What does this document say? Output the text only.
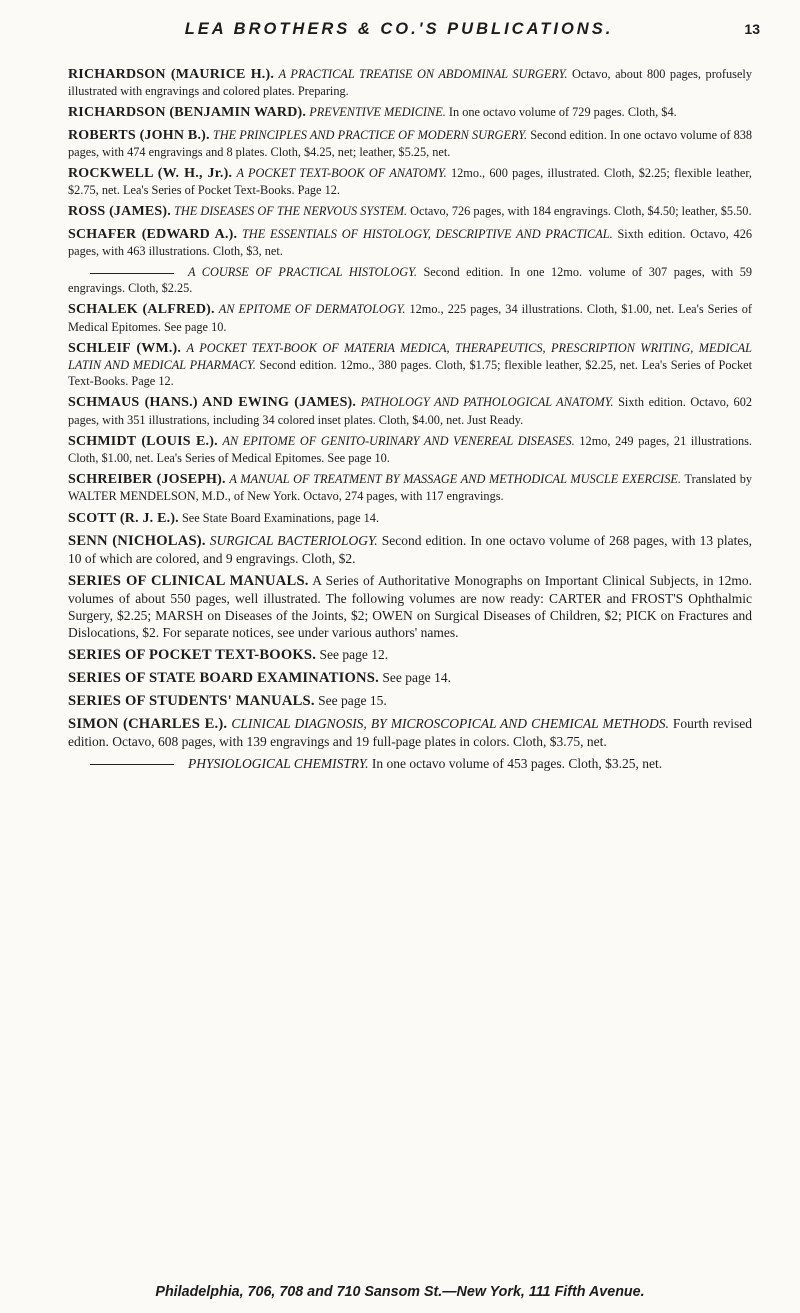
LEA BROTHERS & CO.'S PUBLICATIONS.	13

RICHARDSON (MAURICE H.). A PRACTICAL TREATISE ON ABDOMINAL SURGERY. Octavo, about 800 pages, profusely illustrated with engravings and colored plates. Preparing.

RICHARDSON (BENJAMIN WARD). PREVENTIVE MEDICINE. In one octavo volume of 729 pages. Cloth, $4.

ROBERTS (JOHN B.). THE PRINCIPLES AND PRACTICE OF MODERN SURGERY. Second edition. In one octavo volume of 838 pages, with 474 engravings and 8 plates. Cloth, $4.25, net; leather, $5.25, net.

ROCKWELL (W. H., Jr.). A POCKET TEXT-BOOK OF ANATOMY. 12mo., 600 pages, illustrated. Cloth, $2.25; flexible leather, $2.75, net. Lea's Series of Pocket Text-Books. Page 12.

ROSS (JAMES). THE DISEASES OF THE NERVOUS SYSTEM. Octavo, 726 pages, with 184 engravings. Cloth, $4.50; leather, $5.50.

SCHAFER (EDWARD A.). THE ESSENTIALS OF HISTOLOGY, DESCRIPTIVE AND PRACTICAL. Sixth edition. Octavo, 426 pages, with 463 illustrations. Cloth, $3, net.

A COURSE OF PRACTICAL HISTOLOGY. Second edition. In one 12mo. volume of 307 pages, with 59 engravings. Cloth, $2.25.

SCHALEK (ALFRED). AN EPITOME OF DERMATOLOGY. 12mo., 225 pages, 34 illustrations. Cloth, $1.00, net. Lea's Series of Medical Epitomes. See page 10.

SCHLEIF (WM.). A POCKET TEXT-BOOK OF MATERIA MEDICA, THERAPEUTICS, PRESCRIPTION WRITING, MEDICAL LATIN AND MEDICAL PHARMACY. Second edition. 12mo., 380 pages. Cloth, $1.75; flexible leather, $2.25, net. Lea's Series of Pocket Text-Books. Page 12.

SCHMAUS (HANS.) AND EWING (JAMES). PATHOLOGY AND PATHOLOGICAL ANATOMY. Sixth edition. Octavo, 602 pages, with 351 illustrations, including 34 colored inset plates. Cloth, $4.00, net. Just Ready.

SCHMIDT (LOUIS E.). AN EPITOME OF GENITO-URINARY AND VENEREAL DISEASES. 12mo, 249 pages, 21 illustrations. Cloth, $1.00, net. Lea's Series of Medical Epitomes. See page 10.

SCHREIBER (JOSEPH). A MANUAL OF TREATMENT BY MASSAGE AND METHODICAL MUSCLE EXERCISE. Translated by WALTER MENDELSON, M.D., of New York. Octavo, 274 pages, with 117 engravings.

SCOTT (R. J. E.). See State Board Examinations, page 14.

SENN (NICHOLAS). SURGICAL BACTERIOLOGY. Second edition. In one octavo volume of 268 pages, with 13 plates, 10 of which are colored, and 9 engravings. Cloth, $2.

SERIES OF CLINICAL MANUALS. A Series of Authoritative Monographs on Important Clinical Subjects, in 12mo. volumes of about 550 pages, well illustrated. The following volumes are now ready: CARTER and FROST'S Ophthalmic Surgery, $2.25; MARSH on Diseases of the Joints, $2; OWEN on Surgical Diseases of Children, $2; PICK on Fractures and Dislocations, $2. For separate notices, see under various authors' names.

SERIES OF POCKET TEXT-BOOKS. See page 12.

SERIES OF STATE BOARD EXAMINATIONS. See page 14.

SERIES OF STUDENTS' MANUALS. See page 15.

SIMON (CHARLES E.). CLINICAL DIAGNOSIS, BY MICROSCOPICAL AND CHEMICAL METHODS. Fourth revised edition. Octavo, 608 pages, with 139 engravings and 19 full-page plates in colors. Cloth, $3.75, net.

PHYSIOLOGICAL CHEMISTRY. In one octavo volume of 453 pages. Cloth, $3.25, net.

Philadelphia, 706, 708 and 710 Sansom St.—New York, 111 Fifth Avenue.
